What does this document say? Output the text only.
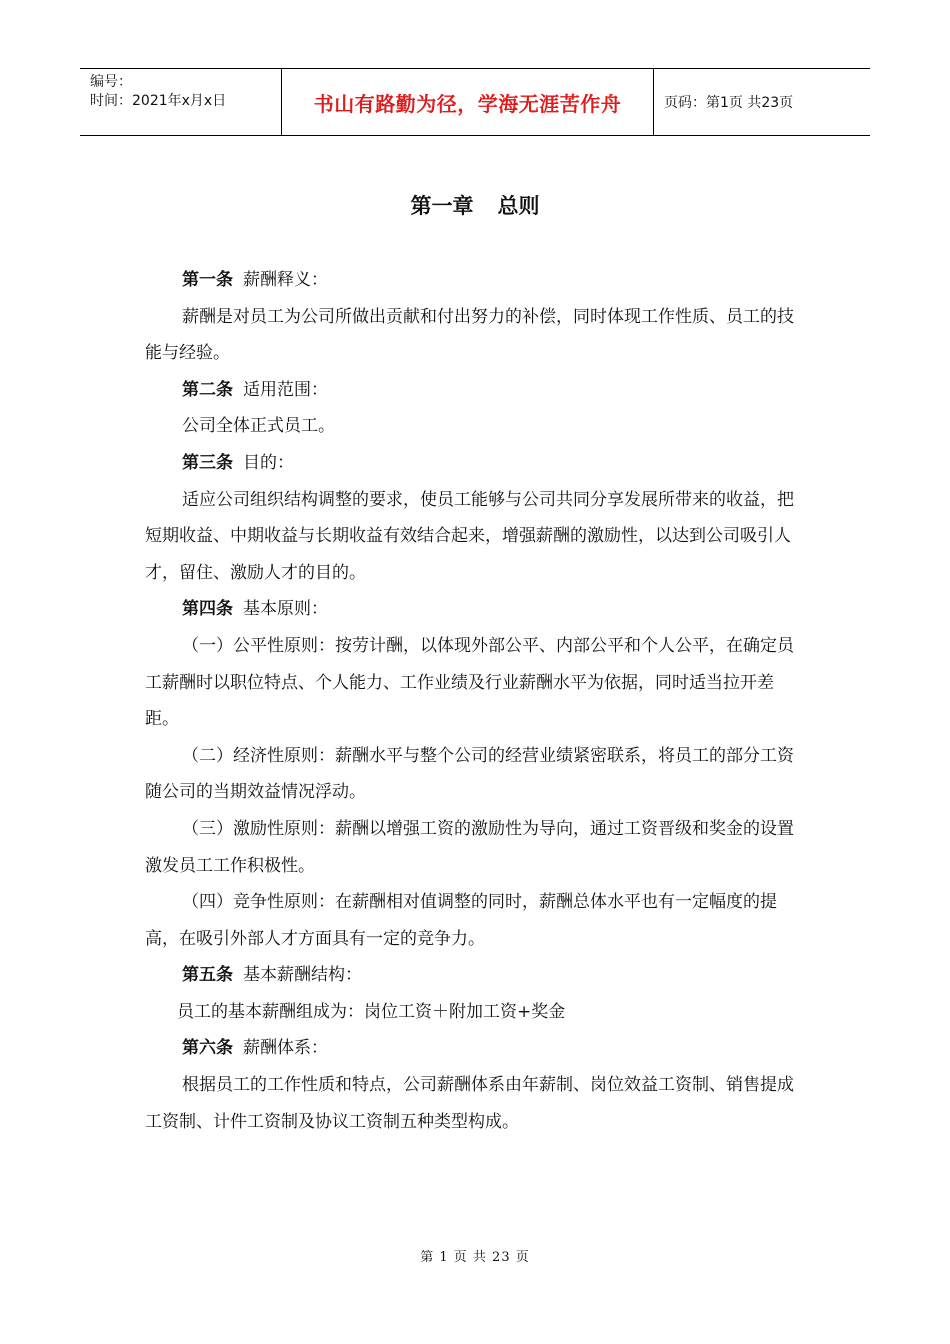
编号：
时间：2021年x月x日	书山有路勤为径，学海无涯苦作舟	页码：第1页 共23页
第一章 总则

第一条 薪酬释义：

薪酬是对员工为公司所做出贡献和付出努力的补偿，同时体现工作性质、员工的技能与经验。

第二条 适用范围：

公司全体正式员工。

第三条 目的：

适应公司组织结构调整的要求，使员工能够与公司共同分享发展所带来的收益，把短期收益、中期收益与长期收益有效结合起来，增强薪酬的激励性，以达到公司吸引人才，留住、激励人才的目的。

第四条 基本原则：

（一）公平性原则：按劳计酬，以体现外部公平、内部公平和个人公平，在确定员工薪酬时以职位特点、个人能力、工作业绩及行业薪酬水平为依据，同时适当拉开差距。

（二）经济性原则：薪酬水平与整个公司的经营业绩紧密联系，将员工的部分工资随公司的当期效益情况浮动。

（三）激励性原则：薪酬以增强工资的激励性为导向，通过工资晋级和奖金的设置激发员工工作积极性。

（四）竞争性原则：在薪酬相对值调整的同时，薪酬总体水平也有一定幅度的提高，在吸引外部人才方面具有一定的竞争力。

第五条 基本薪酬结构：

员工的基本薪酬组成为：岗位工资＋附加工资+奖金

第六条 薪酬体系：

根据员工的工作性质和特点，公司薪酬体系由年薪制、岗位效益工资制、销售提成工资制、计件工资制及协议工资制五种类型构成。

第 1 页 共 23 页
